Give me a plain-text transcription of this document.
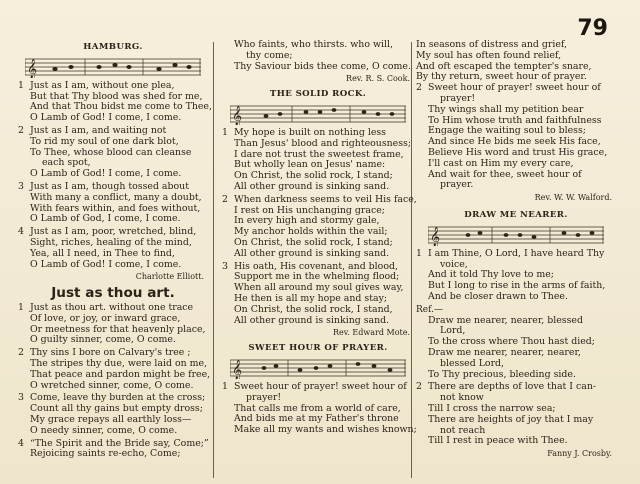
79
HAMBURG.
𝄞
1 Just as I am, without one plea,
But that Thy blood was shed for me,
And that Thou bidst me come to Thee,
O Lamb of God! I come, I come.
2 Just as I am, and waiting not
To rid my soul of one dark blot,
To Thee, whose blood can cleanse
each spot,
O Lamb of God! I come, I come.
3 Just as I am, though tossed about
With many a conflict, many a doubt,
With fears within, and foes without,
O Lamb of God, I come, I come.
4 Just as I am, poor, wretched, blind,
Sight, riches, healing of the mind,
Yea, all I need, in Thee to find,
O Lamb of God! I come, I come.
Charlotte Elliott.
Just as thou art.
1 Just as thou art. without one trace
Of love, or joy, or inward grace,
Or meetness for that heavenly place,
O guilty sinner, come, O come.
2 Thy sins I bore on Calvary's tree ;
The stripes thy due, were laid on me,
That peace and pardon might be free,
O wretched sinner, come, O come.
3 Come, leave thy burden at the cross;
Count all thy gains but empty dross;
My grace repays all earthly loss—
O needy sinner, come, O come.
4 “The Spirit and the Bride say, Come;”
Rejoicing saints re-echo, Come;
Who faints, who thirsts. who will,
thy come;
Thy Saviour bids thee come, O come.
Rev. R. S. Cook.
THE SOLID ROCK.
𝄞
1 My hope is built on nothing less
Than Jesus' blood and righteousness;
I dare not trust the sweetest frame,
But wholly lean on Jesus' name:
On Christ, the solid rock, I stand;
All other ground is sinking sand.
2 When darkness seems to veil His face,
I rest on His unchanging grace;
In every high and stormy gale,
My anchor holds within the vail;
On Christ, the solid rock, I stand;
All other ground is sinking sand.
3 His oath, His covenant, and blood,
Support me in the whelming flood;
When all around my soul gives way,
He then is all my hope and stay;
On Christ, the solid rock, I stand,
All other ground is sinking sand.
Rev. Edward Mote.
SWEET HOUR OF PRAYER.
𝄞
1 Sweet hour of prayer! sweet hour of
prayer!
That calls me from a world of care,
And bids me at my Father's throne
Make all my wants and wishes known;
In seasons of distress and grief,
My soul has often found relief,
And oft escaped the tempter's snare,
By thy return, sweet hour of prayer.
2 Sweet hour of prayer! sweet hour of
prayer!
Thy wings shall my petition bear
To Him whose truth and faithfulness
Engage the waiting soul to bless;
And since He bids me seek His face,
Believe His word and trust His grace,
I'll cast on Him my every care,
And wait for thee, sweet hour of
prayer.
Rev. W. W. Walford.
DRAW ME NEARER.
𝄞
1 I am Thine, O Lord, I have heard Thy
voice,
And it told Thy love to me;
But I long to rise in the arms of faith,
And be closer drawn to Thee.
Ref.—
Draw me nearer, nearer, blessed
Lord,
To the cross where Thou hast died;
Draw me nearer, nearer, nearer,
blessed Lord,
To Thy precious, bleeding side.
2 There are depths of love that I can-
not know
Till I cross the narrow sea;
There are heights of joy that I may
not reach
Till I rest in peace with Thee.
Fanny J. Crosby.
